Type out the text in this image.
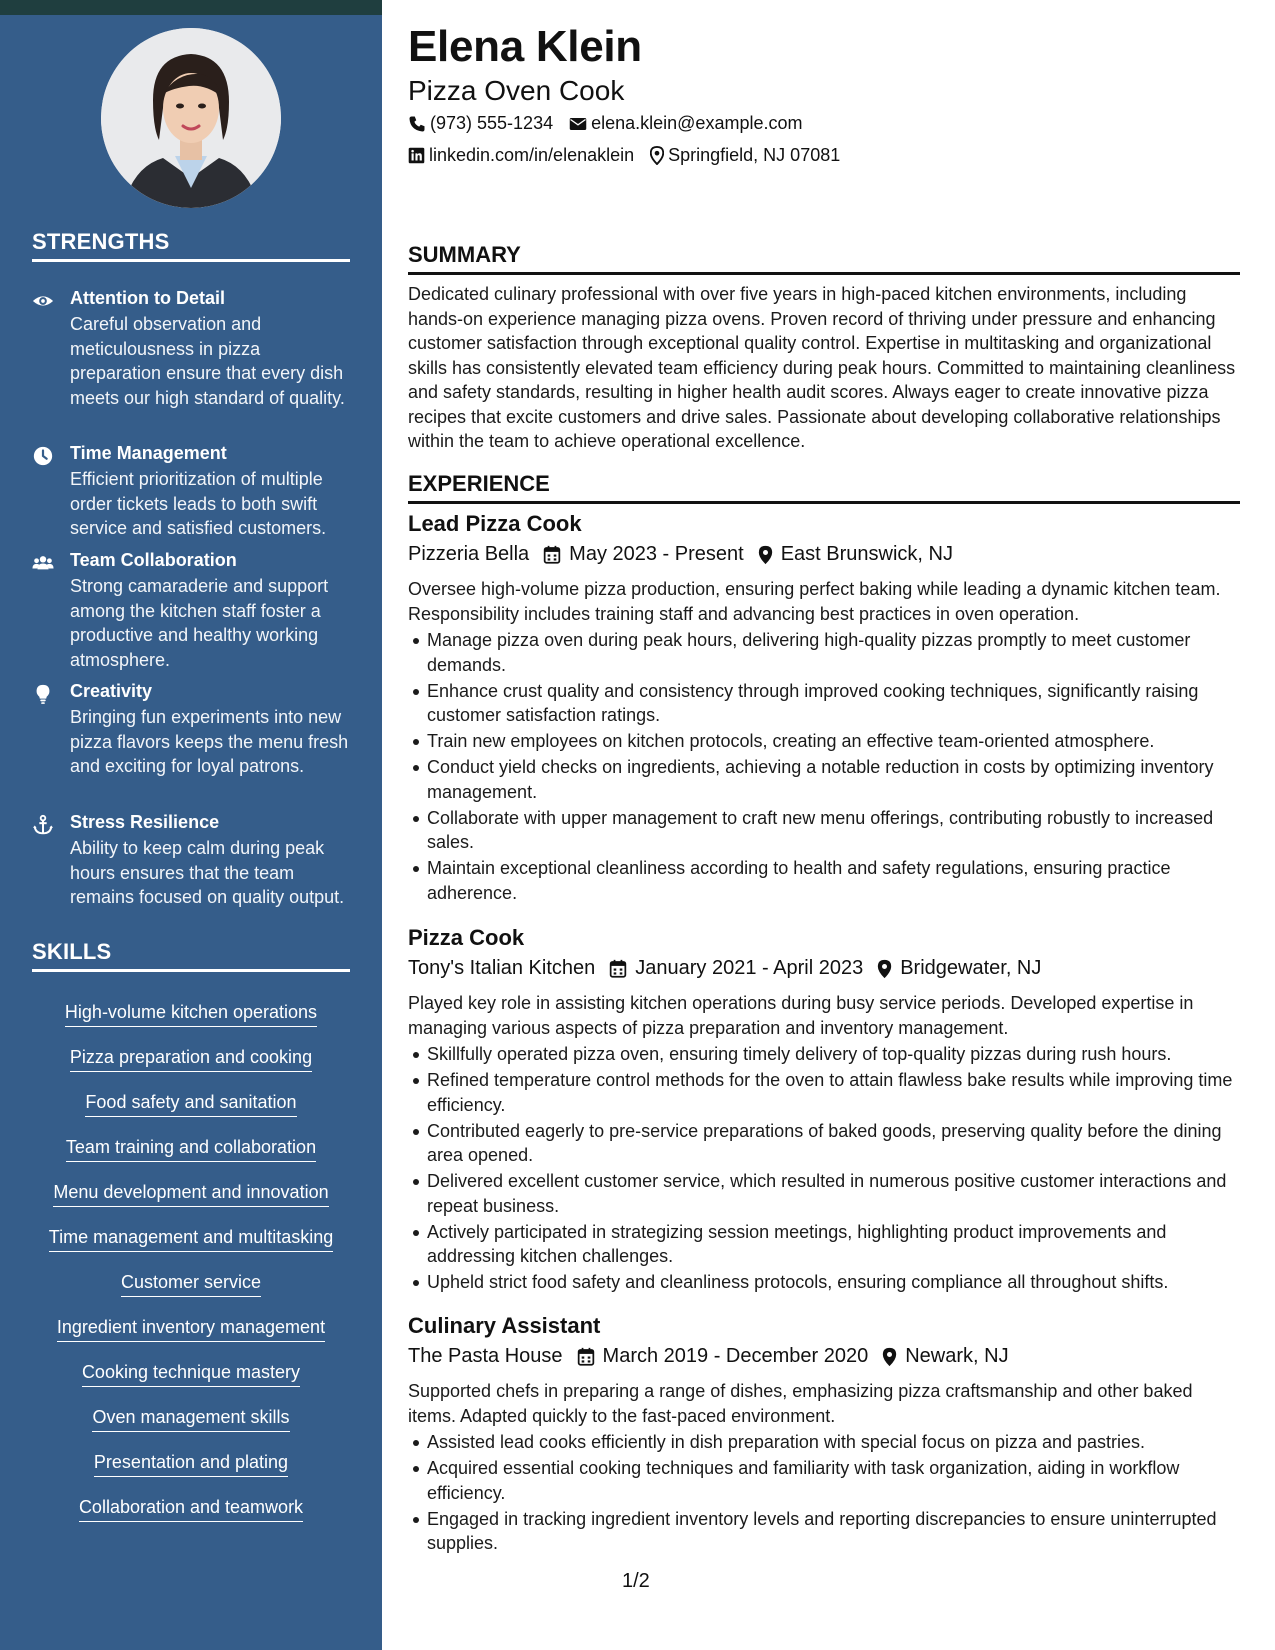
STRENGTHS
Attention to Detail
Careful observation and meticulousness in pizza preparation ensure that every dish meets our high standard of quality.
Time Management
Efficient prioritization of multiple order tickets leads to both swift service and satisfied customers.
Team Collaboration
Strong camaraderie and support among the kitchen staff foster a productive and healthy working atmosphere.
Creativity
Bringing fun experiments into new pizza flavors keeps the menu fresh and exciting for loyal patrons.
Stress Resilience
Ability to keep calm during peak hours ensures that the team remains focused on quality output.
SKILLS
High-volume kitchen operations
Pizza preparation and cooking
Food safety and sanitation
Team training and collaboration
Menu development and innovation
Time management and multitasking
Customer service
Ingredient inventory management
Cooking technique mastery
Oven management skills
Presentation and plating
Collaboration and teamwork
Elena Klein
Pizza Oven Cook
(973) 555-1234 elena.klein@example.com
linkedin.com/in/elenaklein Springfield, NJ 07081
SUMMARY
Dedicated culinary professional with over five years in high-paced kitchen environments, including hands-on experience managing pizza ovens. Proven record of thriving under pressure and enhancing customer satisfaction through exceptional quality control. Expertise in multitasking and organizational skills has consistently elevated team efficiency during peak hours. Committed to maintaining cleanliness and safety standards, resulting in higher health audit scores. Always eager to create innovative pizza recipes that excite customers and drive sales. Passionate about developing collaborative relationships within the team to achieve operational excellence.
EXPERIENCE
Lead Pizza Cook
Pizzeria Bella May 2023 - Present East Brunswick, NJ
Oversee high-volume pizza production, ensuring perfect baking while leading a dynamic kitchen team. Responsibility includes training staff and advancing best practices in oven operation.
Manage pizza oven during peak hours, delivering high-quality pizzas promptly to meet customer demands.
Enhance crust quality and consistency through improved cooking techniques, significantly raising customer satisfaction ratings.
Train new employees on kitchen protocols, creating an effective team-oriented atmosphere.
Conduct yield checks on ingredients, achieving a notable reduction in costs by optimizing inventory management.
Collaborate with upper management to craft new menu offerings, contributing robustly to increased sales.
Maintain exceptional cleanliness according to health and safety regulations, ensuring practice adherence.
Pizza Cook
Tony's Italian Kitchen January 2021 - April 2023 Bridgewater, NJ
Played key role in assisting kitchen operations during busy service periods. Developed expertise in managing various aspects of pizza preparation and inventory management.
Skillfully operated pizza oven, ensuring timely delivery of top-quality pizzas during rush hours.
Refined temperature control methods for the oven to attain flawless bake results while improving time efficiency.
Contributed eagerly to pre-service preparations of baked goods, preserving quality before the dining area opened.
Delivered excellent customer service, which resulted in numerous positive customer interactions and repeat business.
Actively participated in strategizing session meetings, highlighting product improvements and addressing kitchen challenges.
Upheld strict food safety and cleanliness protocols, ensuring compliance all throughout shifts.
Culinary Assistant
The Pasta House March 2019 - December 2020 Newark, NJ
Supported chefs in preparing a range of dishes, emphasizing pizza craftsmanship and other baked items. Adapted quickly to the fast-paced environment.
Assisted lead cooks efficiently in dish preparation with special focus on pizza and pastries.
Acquired essential cooking techniques and familiarity with task organization, aiding in workflow efficiency.
Engaged in tracking ingredient inventory levels and reporting discrepancies to ensure uninterrupted supplies.
1/2
